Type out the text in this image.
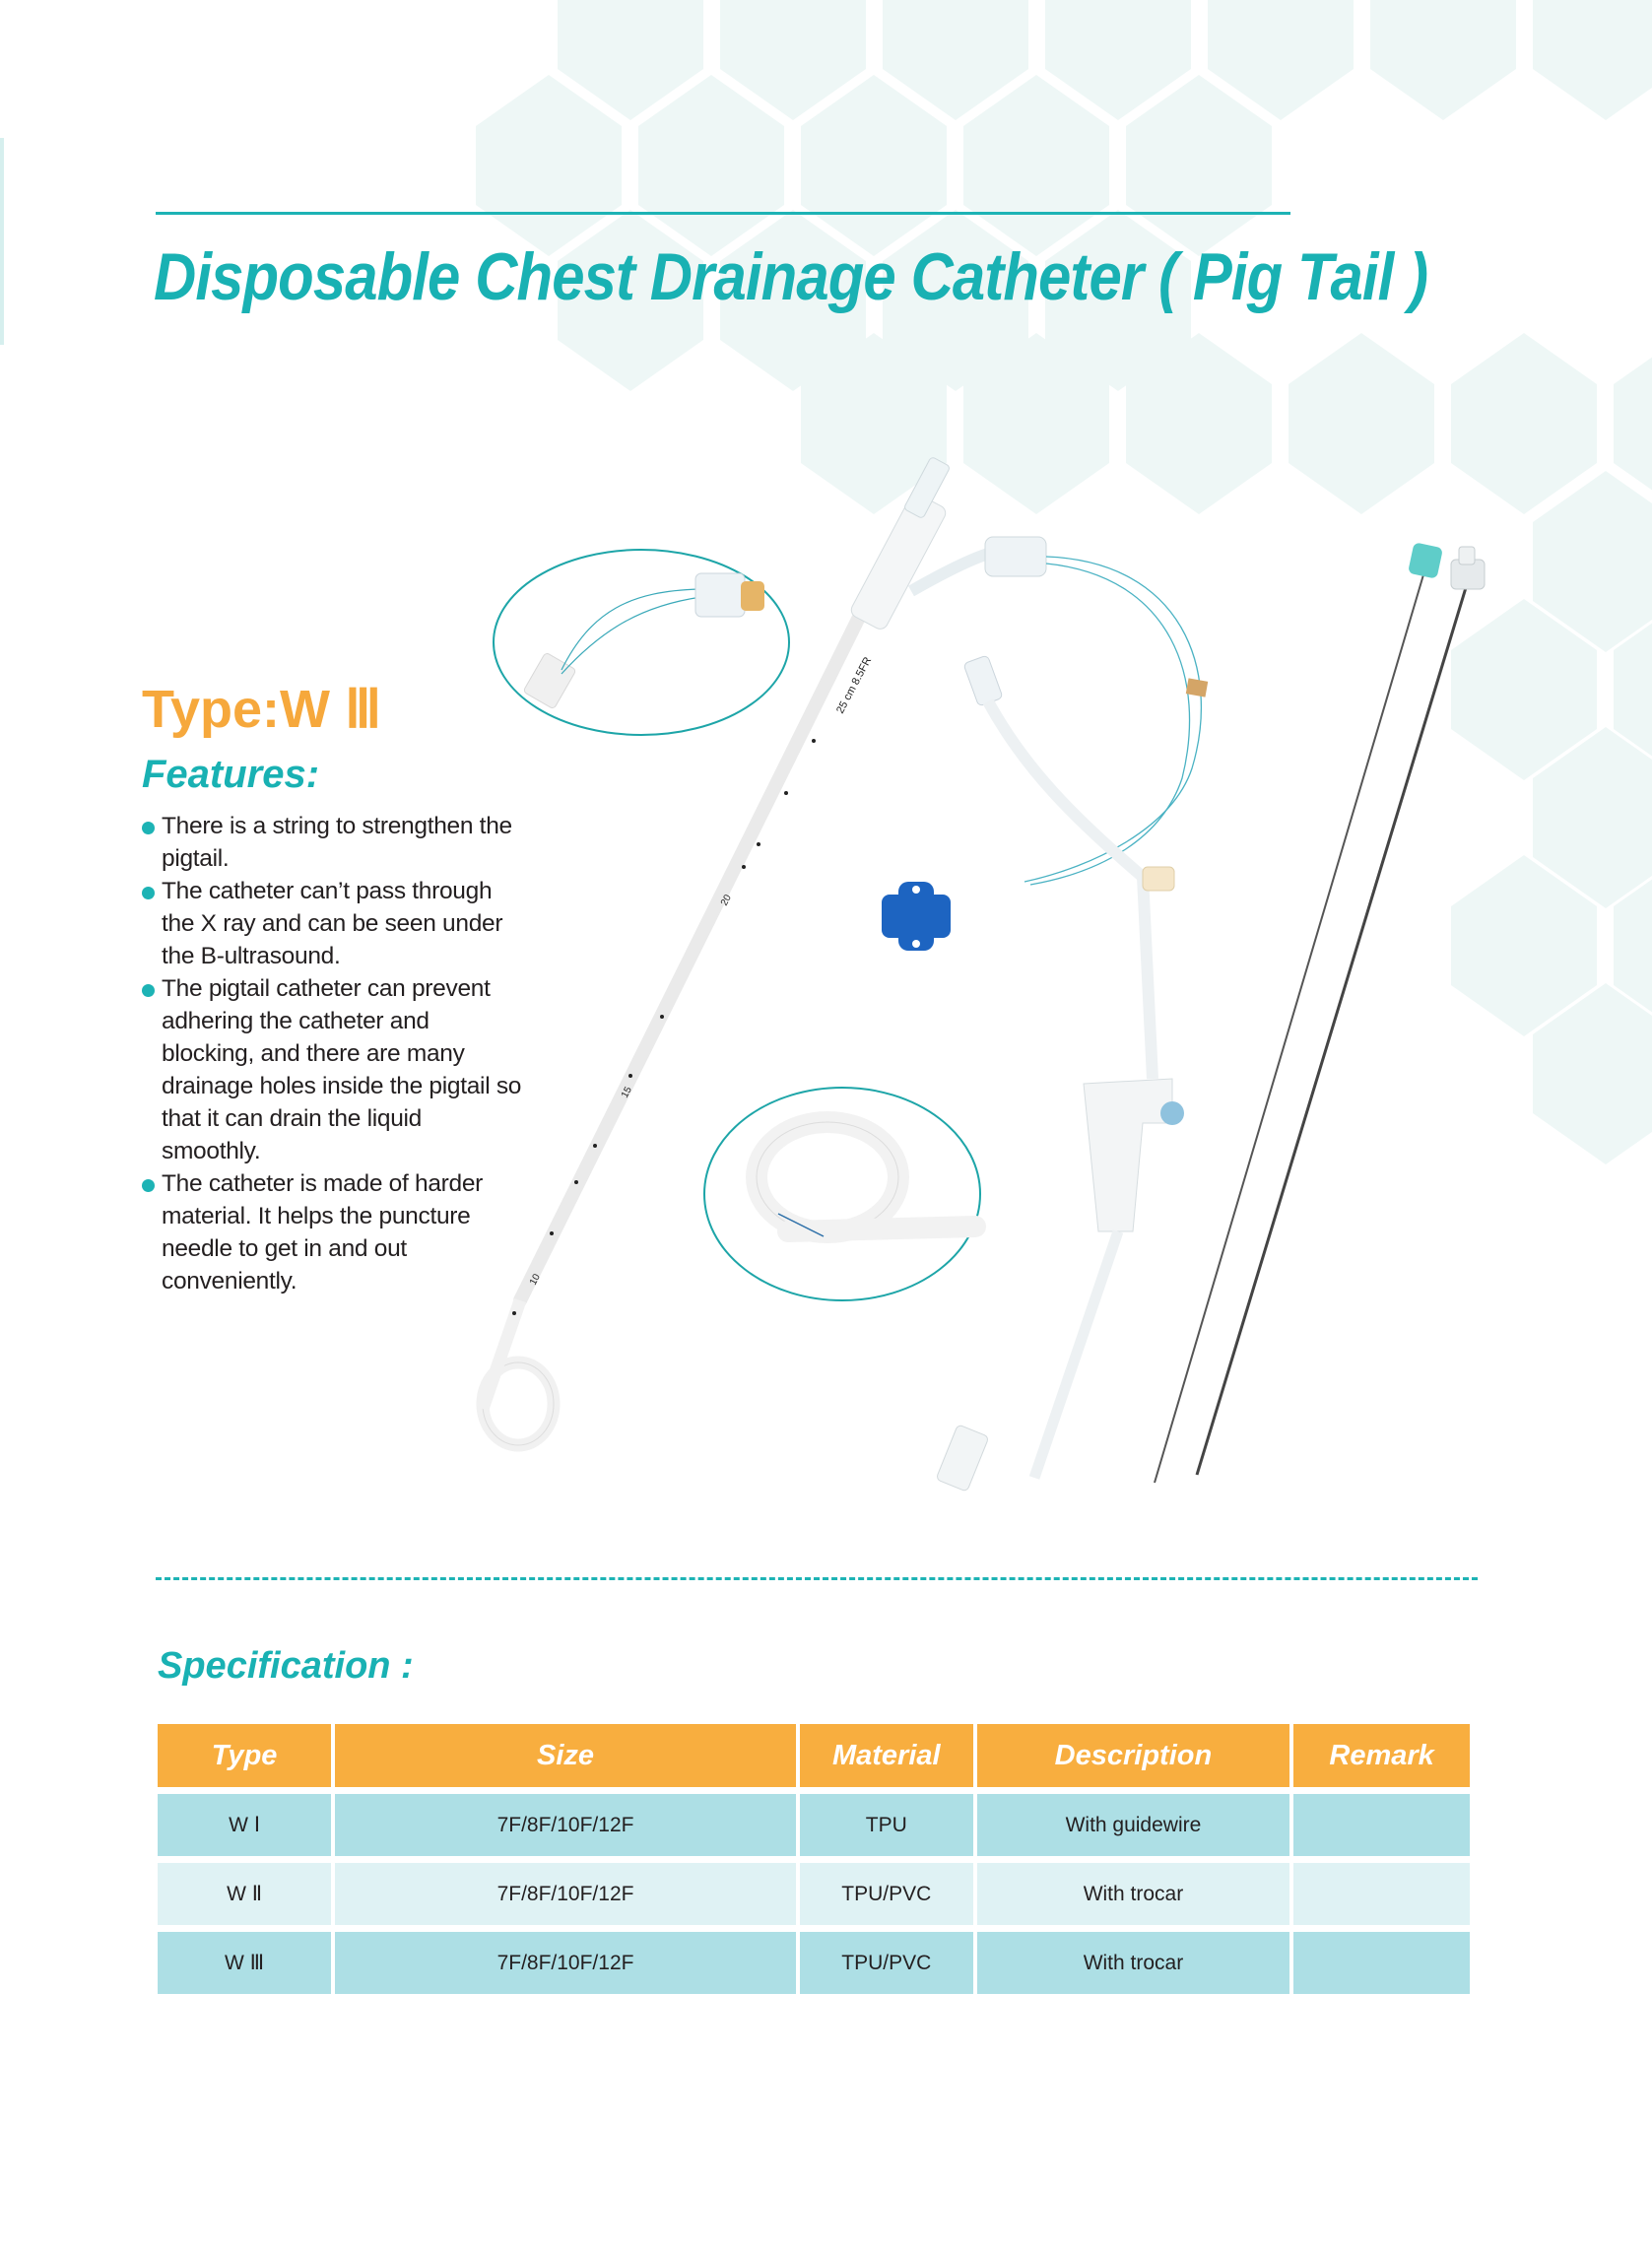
Disposable Chest Drainage Catheter ( Pig Tail )
25 cm 8.5FR
20
15
10
Type:W Ⅲ
Features:
There is a string to strengthen the pigtail.
The catheter can’t pass through the X ray and can be seen under the B-ultrasound.
The pigtail catheter can prevent adhering the catheter and blocking, and there are many drainage holes inside the pigtail so that it can drain the liquid smoothly.
The catheter is made of harder material. It helps the puncture needle to get in and out conveniently.
Specification :
Type	Size	Material	Description	Remark
W Ⅰ	7F/8F/10F/12F	TPU	With guidewire	
W Ⅱ	7F/8F/10F/12F	TPU/PVC	With trocar	
W Ⅲ	7F/8F/10F/12F	TPU/PVC	With trocar	
